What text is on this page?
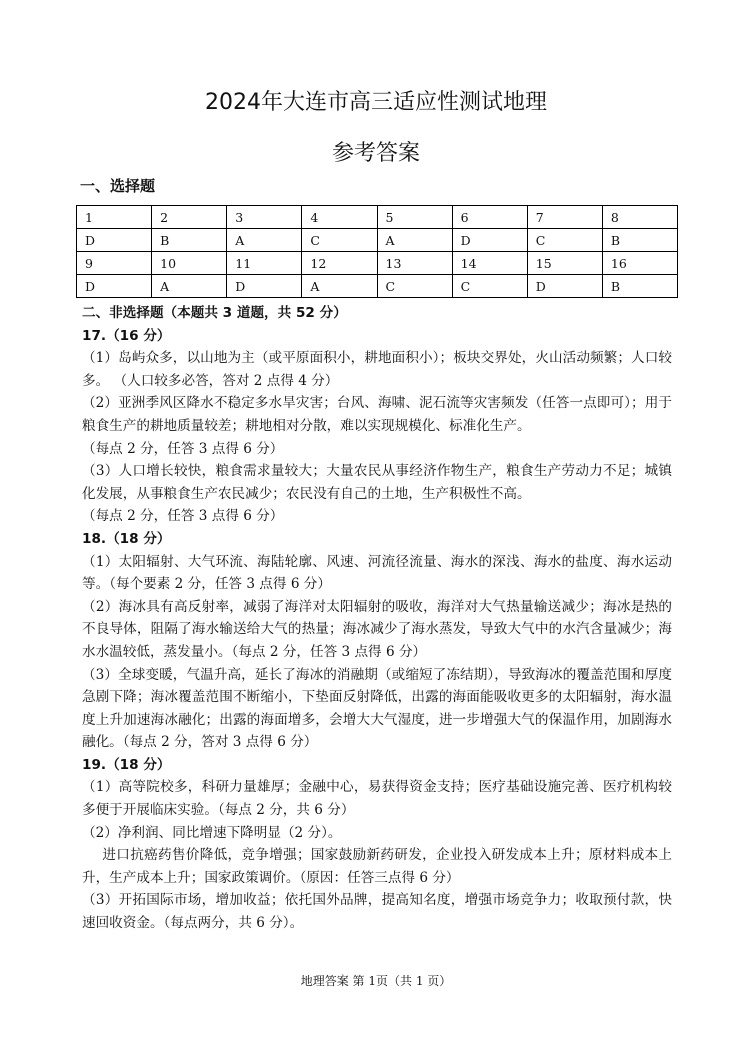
2024年大连市高三适应性测试地理
参考答案
一、选择题
1	2	3	4	5	6	7	8
D	B	A	C	A	D	C	B
9	10	11	12	13	14	15	16
D	A	D	A	C	C	D	B

二、非选择题（本题共 3 道题，共 52 分）

17.（16 分）

（1）岛屿众多，以山地为主（或平原面积小，耕地面积小）；板块交界处，火山活动频繁；人口较多。 （人口较多必答，答对 2 点得 4 分）

（2）亚洲季风区降水不稳定多水旱灾害；台风、海啸、泥石流等灾害频发（任答一点即可）；用于粮食生产的耕地质量较差；耕地相对分散，难以实现规模化、标准化生产。

（每点 2 分，任答 3 点得 6 分）

（3）人口增长较快，粮食需求量较大；大量农民从事经济作物生产，粮食生产劳动力不足；城镇化发展，从事粮食生产农民减少；农民没有自己的土地，生产积极性不高。

（每点 2 分，任答 3 点得 6 分）

18.（18 分）

（1）太阳辐射、大气环流、海陆轮廓、风速、河流径流量、海水的深浅、海水的盐度、海水运动等。（每个要素 2 分，任答 3 点得 6 分）

（2）海冰具有高反射率，减弱了海洋对太阳辐射的吸收，海洋对大气热量输送减少；海冰是热的不良导体，阻隔了海水输送给大气的热量；海冰减少了海水蒸发，导致大气中的水汽含量减少；海水水温较低，蒸发量小。（每点 2 分，任答 3 点得 6 分）

（3）全球变暖，气温升高，延长了海冰的消融期（或缩短了冻结期），导致海冰的覆盖范围和厚度急剧下降；海冰覆盖范围不断缩小，下垫面反射降低，出露的海面能吸收更多的太阳辐射，海水温度上升加速海冰融化；出露的海面增多，会增大大气湿度，进一步增强大气的保温作用，加剧海水融化。（每点 2 分，答对 3 点得 6 分）

19.（18 分）

（1）高等院校多，科研力量雄厚；金融中心，易获得资金支持；医疗基础设施完善、医疗机构较多便于开展临床实验。（每点 2 分，共 6 分）

（2）净利润、同比增速下降明显（2 分）。

进口抗癌药售价降低，竞争增强；国家鼓励新药研发，企业投入研发成本上升；原材料成本上升，生产成本上升；国家政策调价。（原因：任答三点得 6 分）

（3）开拓国际市场，增加收益；依托国外品牌，提高知名度，增强市场竞争力；收取预付款，快速回收资金。（每点两分，共 6 分）。

地理答案 第 1页（共 1 页）
